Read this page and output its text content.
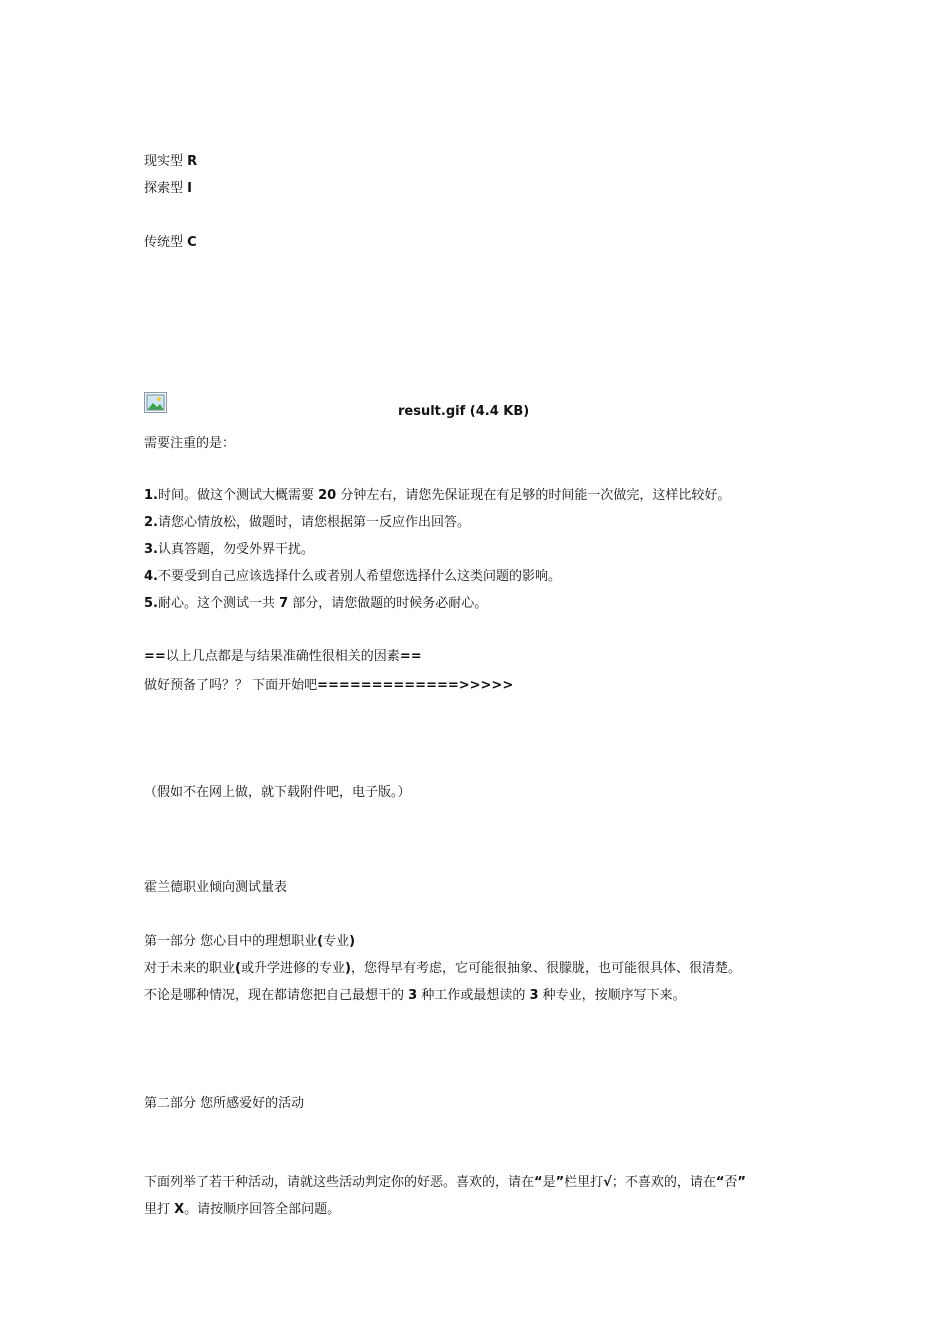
现实型 R
探索型 I
传统型 C
result.gif (4.4 KB)
需要注重的是：
1.时间。做这个测试大概需要 20 分钟左右，请您先保证现在有足够的时间能一次做完，这样比较好。
2.请您心情放松，做题时，请您根据第一反应作出回答。
3.认真答题，勿受外界干扰。
4.不要受到自己应该选择什么或者别人希望您选择什么这类问题的影响。
5.耐心。这个测试一共 7 部分，请您做题的时候务必耐心。
==以上几点都是与结果准确性很相关的因素==
做好预备了吗？？ 下面开始吧=============>>>>>
（假如不在网上做，就下载附件吧，电子版。）
霍兰德职业倾向测试量表
第一部分 您心目中的理想职业(专业)
对于未来的职业(或升学进修的专业)，您得早有考虑，它可能很抽象、很朦胧，也可能很具体、很清楚。
不论是哪种情况，现在都请您把自己最想干的 3 种工作或最想读的 3 种专业，按顺序写下来。
第二部分 您所感爱好的活动
下面列举了若干种活动，请就这些活动判定你的好恶。喜欢的，请在“是”栏里打√；不喜欢的，请在“否”
里打 X。请按顺序回答全部问题。
